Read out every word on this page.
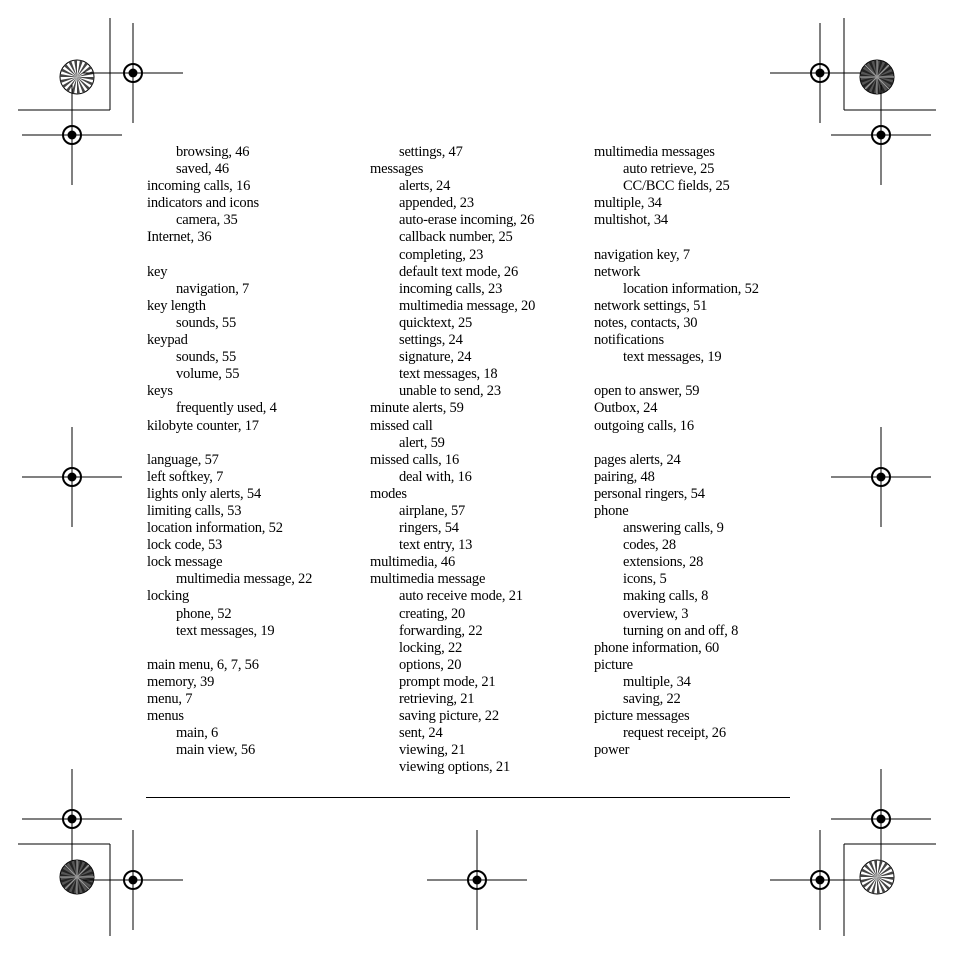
browsing, 46
saved, 46
incoming calls, 16
indicators and icons
camera, 35
Internet, 36
key
navigation, 7
key length
sounds, 55
keypad
sounds, 55
volume, 55
keys
frequently used, 4
kilobyte counter, 17
language, 57
left softkey, 7
lights only alerts, 54
limiting calls, 53
location information, 52
lock code, 53
lock message
multimedia message, 22
locking
phone, 52
text messages, 19
main menu, 6, 7, 56
memory, 39
menu, 7
menus
main, 6
main view, 56
settings, 47
messages
alerts, 24
appended, 23
auto-erase incoming, 26
callback number, 25
completing, 23
default text mode, 26
incoming calls, 23
multimedia message, 20
quicktext, 25
settings, 24
signature, 24
text messages, 18
unable to send, 23
minute alerts, 59
missed call
alert, 59
missed calls, 16
deal with, 16
modes
airplane, 57
ringers, 54
text entry, 13
multimedia, 46
multimedia message
auto receive mode, 21
creating, 20
forwarding, 22
locking, 22
options, 20
prompt mode, 21
retrieving, 21
saving picture, 22
sent, 24
viewing, 21
viewing options, 21
multimedia messages
auto retrieve, 25
CC/BCC fields, 25
multiple, 34
multishot, 34
navigation key, 7
network
location information, 52
network settings, 51
notes, contacts, 30
notifications
text messages, 19
open to answer, 59
Outbox, 24
outgoing calls, 16
pages alerts, 24
pairing, 48
personal ringers, 54
phone
answering calls, 9
codes, 28
extensions, 28
icons, 5
making calls, 8
overview, 3
turning on and off, 8
phone information, 60
picture
multiple, 34
saving, 22
picture messages
request receipt, 26
power
